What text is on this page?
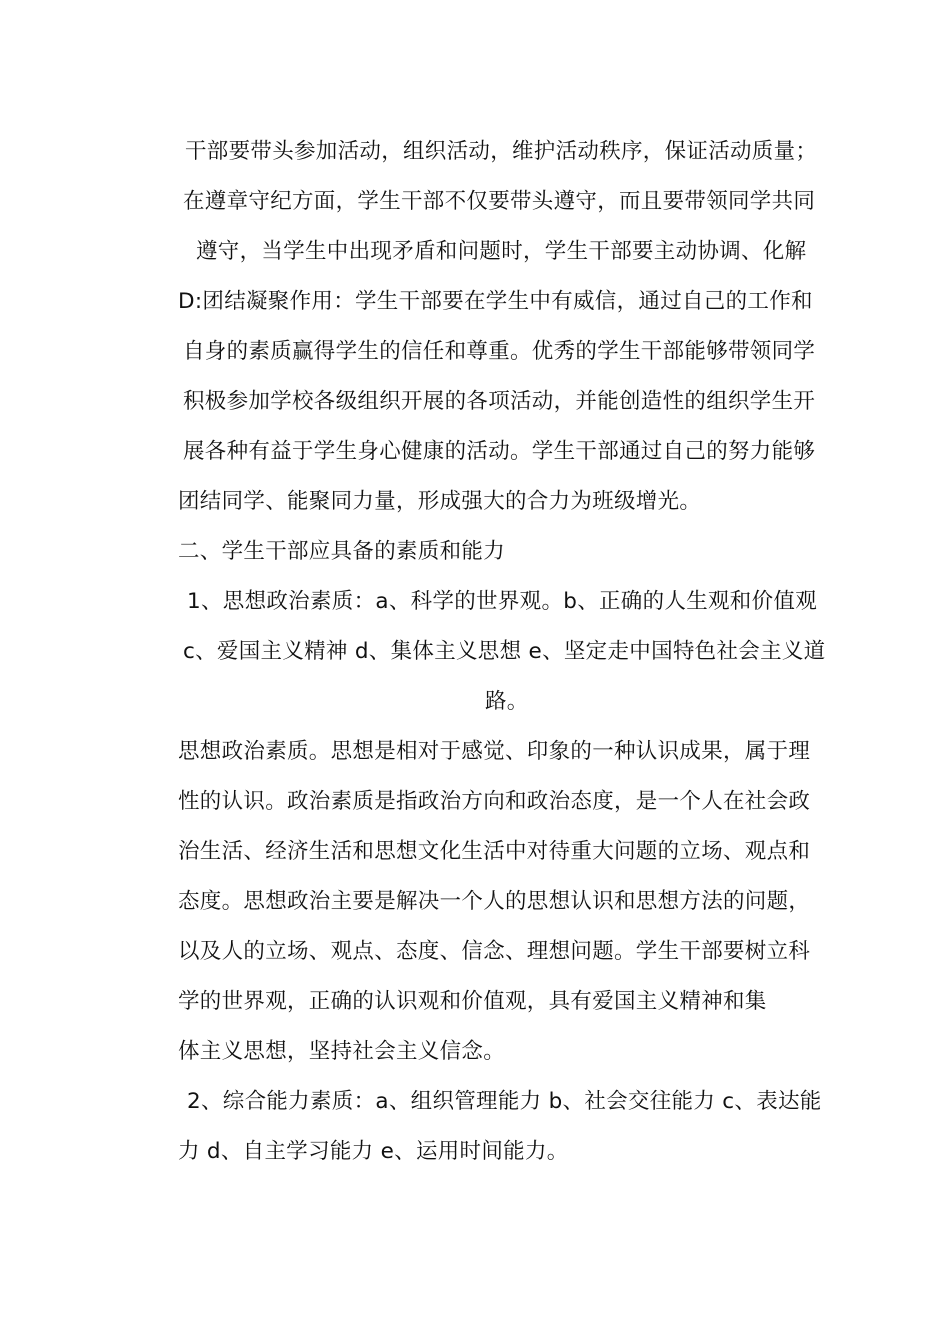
干部要带头参加活动，组织活动，维护活动秩序，保证活动质量；
在遵章守纪方面，学生干部不仅要带头遵守，而且要带领同学共同
遵守，当学生中出现矛盾和问题时，学生干部要主动协调、化解
D:团结凝聚作用：学生干部要在学生中有威信，通过自己的工作和
自身的素质赢得学生的信任和尊重。优秀的学生干部能够带领同学
积极参加学校各级组织开展的各项活动，并能创造性的组织学生开
展各种有益于学生身心健康的活动。学生干部通过自己的努力能够
团结同学、能聚同力量，形成强大的合力为班级增光。
二、学生干部应具备的素质和能力
1、思想政治素质：a、科学的世界观。b、正确的人生观和价值观
c、爱国主义精神 d、集体主义思想 e、坚定走中国特色社会主义道
路。
思想政治素质。思想是相对于感觉、印象的一种认识成果，属于理
性的认识。政治素质是指政治方向和政治态度，是一个人在社会政
治生活、经济生活和思想文化生活中对待重大问题的立场、观点和
态度。思想政治主要是解决一个人的思想认识和思想方法的问题，
以及人的立场、观点、态度、信念、理想问题。学生干部要树立科
学的世界观，正确的认识观和价值观，具有爱国主义精神和集
体主义思想，坚持社会主义信念。
2、综合能力素质：a、组织管理能力 b、社会交往能力 c、表达能
力 d、自主学习能力 e、运用时间能力。
